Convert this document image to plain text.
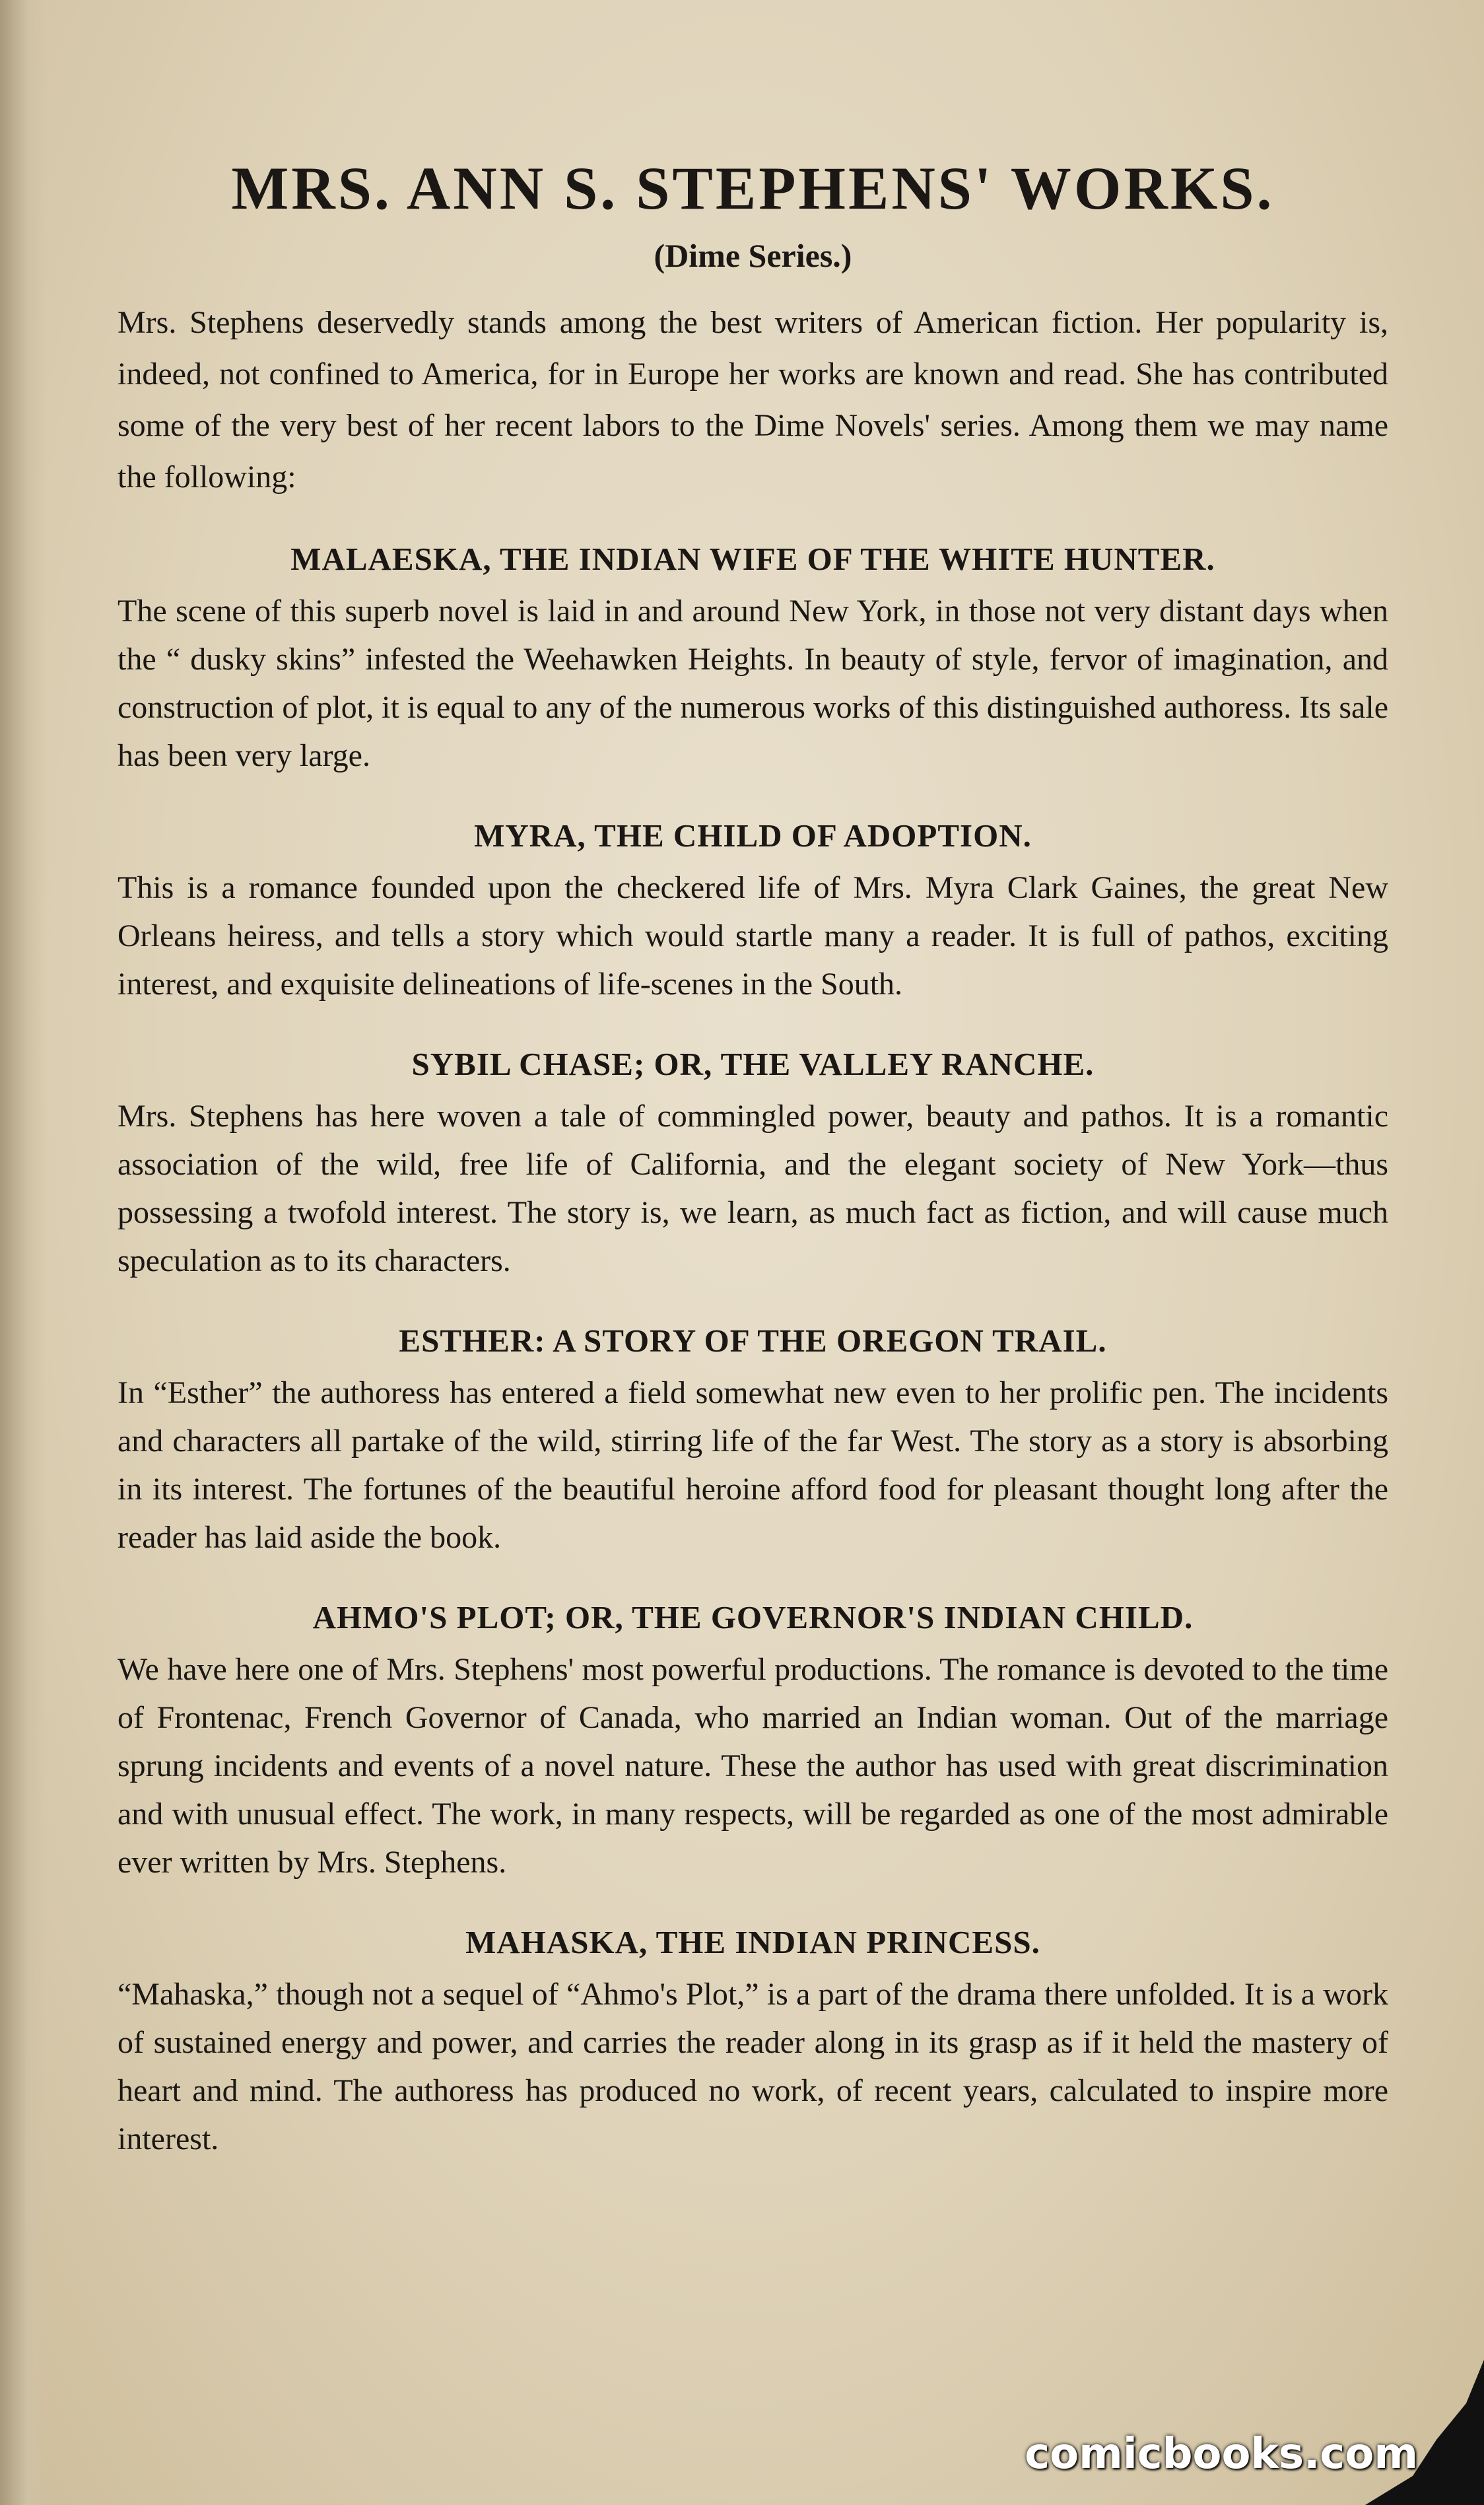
MRS. ANN S. STEPHENS' WORKS.
(Dime Series.)

Mrs. Stephens deservedly stands among the best writers of American fiction. Her popularity is, indeed, not confined to America, for in Europe her works are known and read. She has contributed some of the very best of her recent labors to the Dime Novels' series. Among them we may name the following:

MALAESKA, THE INDIAN WIFE OF THE WHITE HUNTER.

The scene of this superb novel is laid in and around New York, in those not very distant days when the “ dusky skins” infested the Weehawken Heights. In beauty of style, fervor of imagination, and construction of plot, it is equal to any of the numerous works of this distinguished authoress. Its sale has been very large.

MYRA, THE CHILD OF ADOPTION.

This is a romance founded upon the checkered life of Mrs. Myra Clark Gaines, the great New Orleans heiress, and tells a story which would startle many a reader. It is full of pathos, exciting interest, and exquisite delineations of life-scenes in the South.

SYBIL CHASE; OR, THE VALLEY RANCHE.

Mrs. Stephens has here woven a tale of commingled power, beauty and pathos. It is a romantic association of the wild, free life of California, and the elegant society of New York—thus possessing a twofold interest. The story is, we learn, as much fact as fiction, and will cause much speculation as to its characters.

ESTHER: A STORY OF THE OREGON TRAIL.

In “Esther” the authoress has entered a field somewhat new even to her prolific pen. The incidents and characters all partake of the wild, stirring life of the far West. The story as a story is absorbing in its interest. The fortunes of the beautiful heroine afford food for pleasant thought long after the reader has laid aside the book.

AHMO'S PLOT; OR, THE GOVERNOR'S INDIAN CHILD.

We have here one of Mrs. Stephens' most powerful productions. The romance is devoted to the time of Frontenac, French Governor of Canada, who married an Indian woman. Out of the marriage sprung incidents and events of a novel nature. These the author has used with great discrimination and with unusual effect. The work, in many respects, will be regarded as one of the most admirable ever written by Mrs. Stephens.

MAHASKA, THE INDIAN PRINCESS.

“Mahaska,” though not a sequel of “Ahmo's Plot,” is a part of the drama there unfolded. It is a work of sustained energy and power, and carries the reader along in its grasp as if it held the mastery of heart and mind. The authoress has produced no work, of recent years, calculated to inspire more interest.

comicbooks.com
